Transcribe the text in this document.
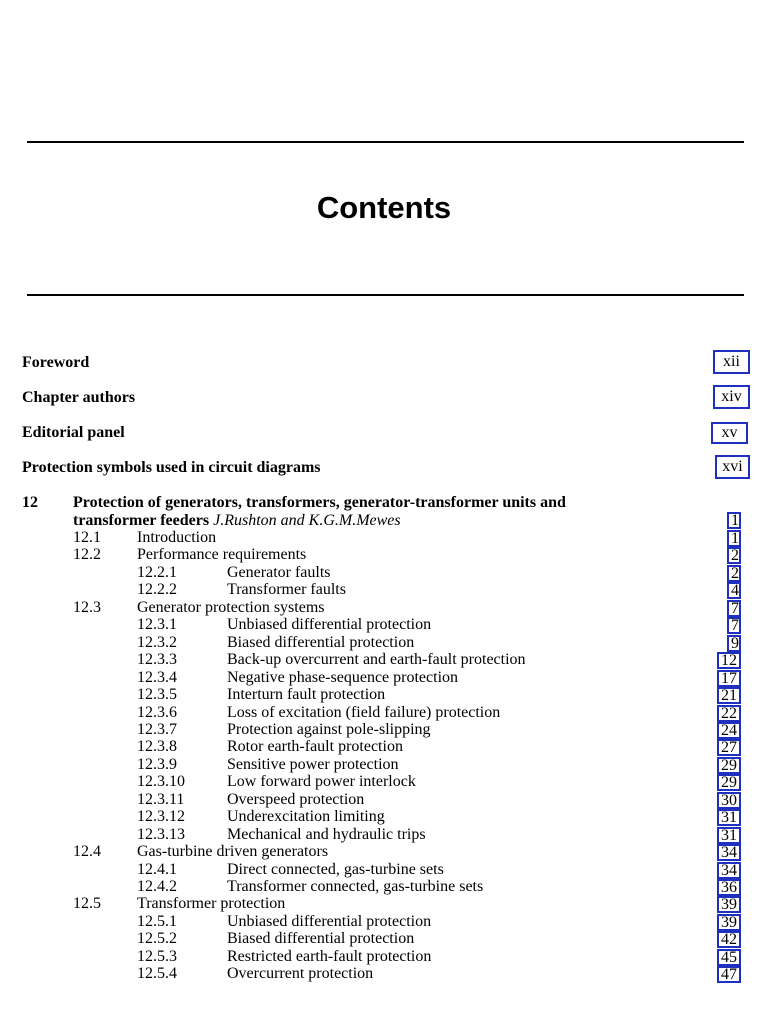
Contents
Foreword	xii
Chapter authors	xiv
Editorial panel	xv
Protection symbols used in circuit diagrams	xvi
12 Protection of generators, transformers, generator-transformer units and
transformer feeders J.Rushton and K.G.M.Mewes	1
12.1 Introduction	1
12.2 Performance requirements	2
12.2.1	Generator faults	2
12.2.2	Transformer faults	4
12.3 Generator protection systems	7
12.3.1	Unbiased differential protection	7
12.3.2	Biased differential protection	9
12.3.3	Back-up overcurrent and earth-fault protection	12
12.3.4	Negative phase-sequence protection	17
12.3.5	Interturn fault protection	21
12.3.6	Loss of excitation (field failure) protection	22
12.3.7	Protection against pole-slipping	24
12.3.8	Rotor earth-fault protection	27
12.3.9	Sensitive power protection	29
12.3.10	Low forward power interlock	29
12.3.11	Overspeed protection	30
12.3.12	Underexcitation limiting	31
12.3.13	Mechanical and hydraulic trips	31
12.4 Gas-turbine driven generators	34
12.4.1	Direct connected, gas-turbine sets	34
12.4.2	Transformer connected, gas-turbine sets	36
12.5 Transformer protection	39
12.5.1	Unbiased differential protection	39
12.5.2	Biased differential protection	42
12.5.3	Restricted earth-fault protection	45
12.5.4	Overcurrent protection	47
